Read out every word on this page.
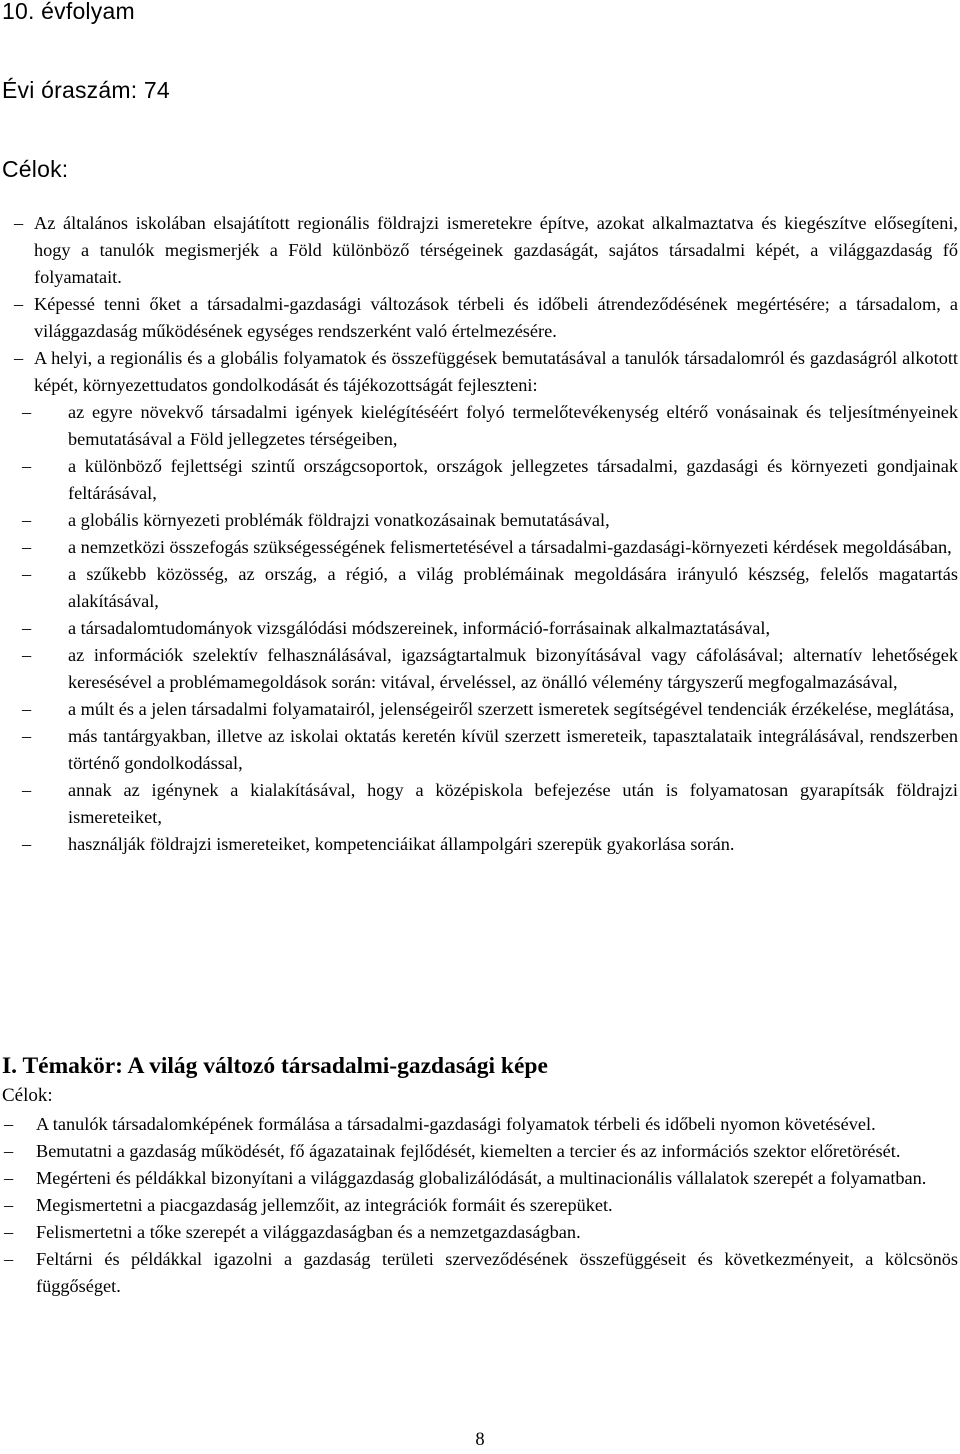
10. évfolyam
Évi óraszám: 74
Célok:
– Az általános iskolában elsajátított regionális földrajzi ismeretekre építve, azokat alkalmaztatva és kiegészítve elősegíteni, hogy a tanulók megismerjék a Föld különböző térségeinek gazdaságát, sajátos társadalmi képét, a világgazdaság fő folyamatait.
– Képessé tenni őket a társadalmi-gazdasági változások térbeli és időbeli átrendeződésének megértésére; a társadalom, a világgazdaság működésének egységes rendszerként való értelmezésére.
– A helyi, a regionális és a globális folyamatok és összefüggések bemutatásával a tanulók társadalomról és gazdaságról alkotott képét, környezettudatos gondolkodását és tájékozottságát fejleszteni:
– az egyre növekvő társadalmi igények kielégítéséért folyó termelőtevékenység eltérő vonásainak és teljesítményeinek bemutatásával a Föld jellegzetes térségeiben,
– a különböző fejlettségi szintű országcsoportok, országok jellegzetes társadalmi, gazdasági és környezeti gondjainak feltárásával,
– a globális környezeti problémák földrajzi vonatkozásainak bemutatásával,
– a nemzetközi összefogás szükségességének felismertetésével a társadalmi-gazdasági-környezeti kérdések megoldásában,
– a szűkebb közösség, az ország, a régió, a világ problémáinak megoldására irányuló készség, felelős magatartás alakításával,
– a társadalomtudományok vizsgálódási módszereinek, információ-forrásainak alkalmaztatásával,
– az információk szelektív felhasználásával, igazságtartalmuk bizonyításával vagy cáfolásával; alternatív lehetőségek keresésével a problémamegoldások során: vitával, érveléssel, az önálló vélemény tárgyszerű megfogalmazásával,
– a múlt és a jelen társadalmi folyamatairól, jelenségeiről szerzett ismeretek segítségével tendenciák érzékelése, meglátása,
– más tantárgyakban, illetve az iskolai oktatás keretén kívül szerzett ismereteik, tapasztalataik integrálásával, rendszerben történő gondolkodással,
– annak az igénynek a kialakításával, hogy a középiskola befejezése után is folyamatosan gyarapítsák földrajzi ismereteiket,
– használják földrajzi ismereteiket, kompetenciáikat állampolgári szerepük gyakorlása során.
I. Témakör: A világ változó társadalmi-gazdasági képe
Célok:
– A tanulók társadalomképének formálása a társadalmi-gazdasági folyamatok térbeli és időbeli nyomon követésével.
– Bemutatni a gazdaság működését, fő ágazatainak fejlődését, kiemelten a tercier és az információs szektor előretörését.
– Megérteni és példákkal bizonyítani a világgazdaság globalizálódását, a multinacionális vállalatok szerepét a folyamatban.
– Megismertetni a piacgazdaság jellemzőit, az integrációk formáit és szerepüket.
– Felismertetni a tőke szerepét a világgazdaságban és a nemzetgazdaságban.
– Feltárni és példákkal igazolni a gazdaság területi szerveződésének összefüggéseit és következményeit, a kölcsönös függőséget.
8
